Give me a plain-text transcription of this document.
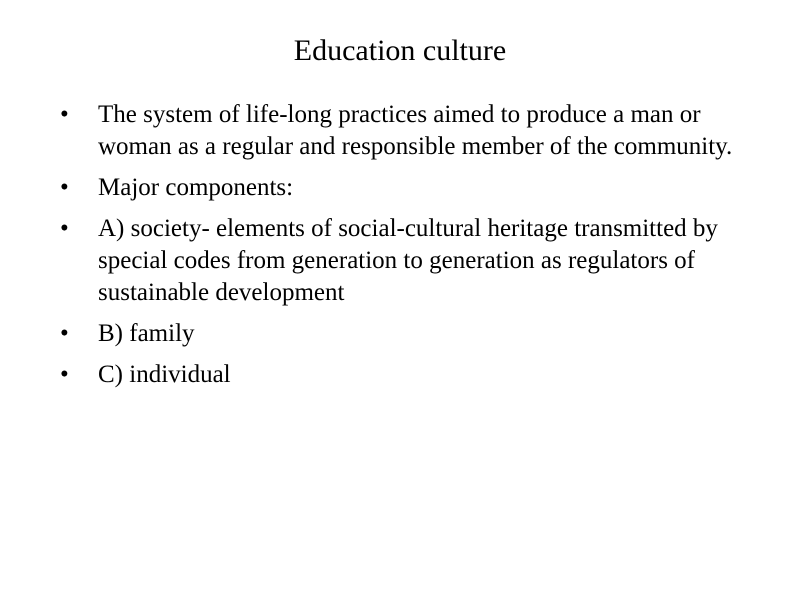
Education culture
•	The system of life-long practices aimed to produce a man or woman as a regular and responsible member of the community.
•	Major components:
•	A) society- elements of social-cultural heritage transmitted by special codes from generation to generation as regulators of sustainable development
•	B) family
•	C) individual
